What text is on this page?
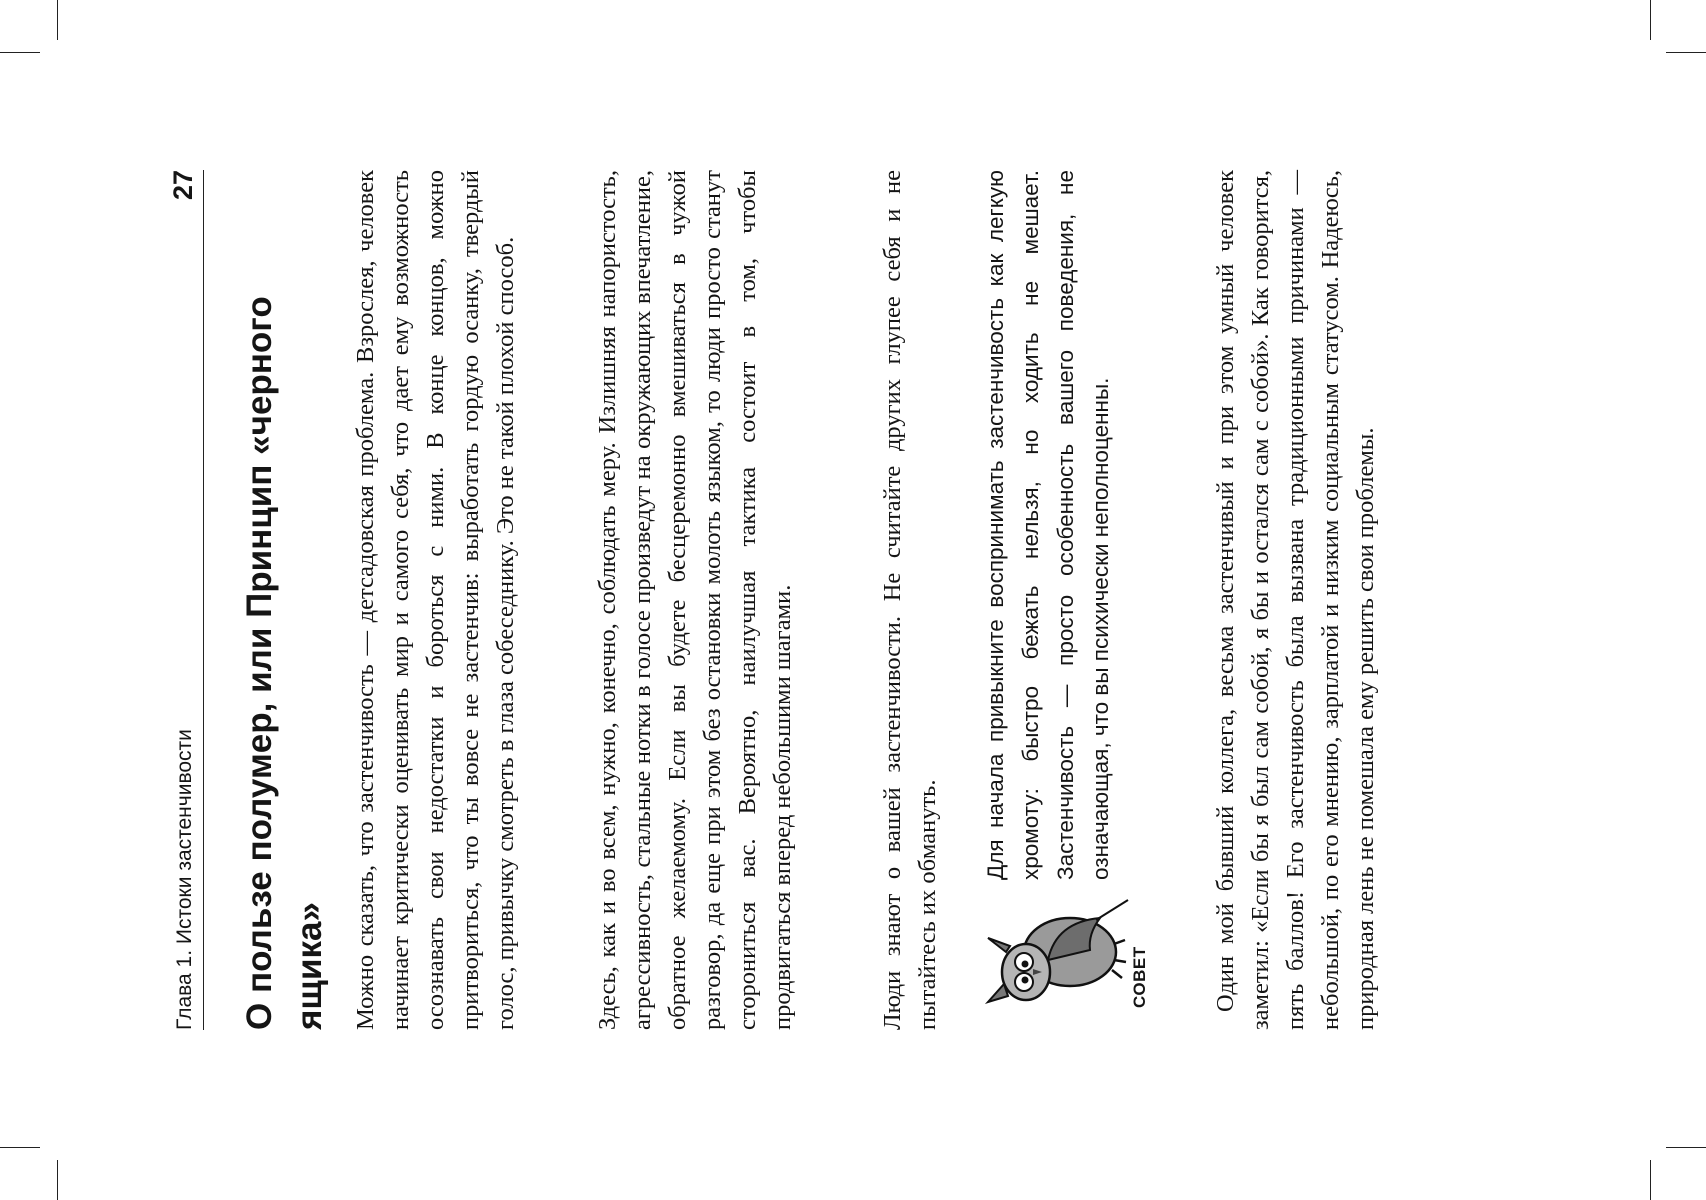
Глава 1. Истоки застенчивости
27
О пользе полумер, или Принцип «черного ящика» Можно сказать, что застенчивость — детсадовская проблема. Взрослея, человек начинает критически оценивать мир и самого себя, что дает ему возможность осознавать свои недостатки и бороться с ними. В конце концов, можно притвориться, что ты вовсе не застенчив: выработать гордую осанку, твердый голос, привычку смотреть в глаза собеседнику. Это не такой плохой способ.	Здесь, как и во всем, нужно, конечно, соблюдать меру. Излишняя напористость, агрессивность, стальные нотки в голосе произведут на окружающих впечатление, обратное желаемому. Если вы будете бесцеремонно вмешиваться в чужой разговор, да еще при этом без остановки молоть языком, то люди просто станут сторониться вас. Вероятно, наилучшая тактика состоит в том, чтобы продвигаться вперед небольшими шагами.	Люди знают о вашей застенчивости. Не считайте других глупее себя и не пытайтесь их обмануть.	СОВЕТ

Для начала привыкните воспринимать застенчивость как легкую хромоту: быстро бежать нельзя, но ходить не мешает. Застенчивость — просто особенность вашего поведения, не означающая, что вы психически неполноценны.	Один мой бывший коллега, весьма застенчивый и при этом умный человек заметил: «Если бы я был сам собой, я бы и остался сам с собой». Как говорится, пять баллов! Его застенчивость была вызвана традиционными причинами — небольшой, по его мнению, зарплатой и низким социальным статусом. Надеюсь, природная лень не помешала ему решить свои проблемы.
